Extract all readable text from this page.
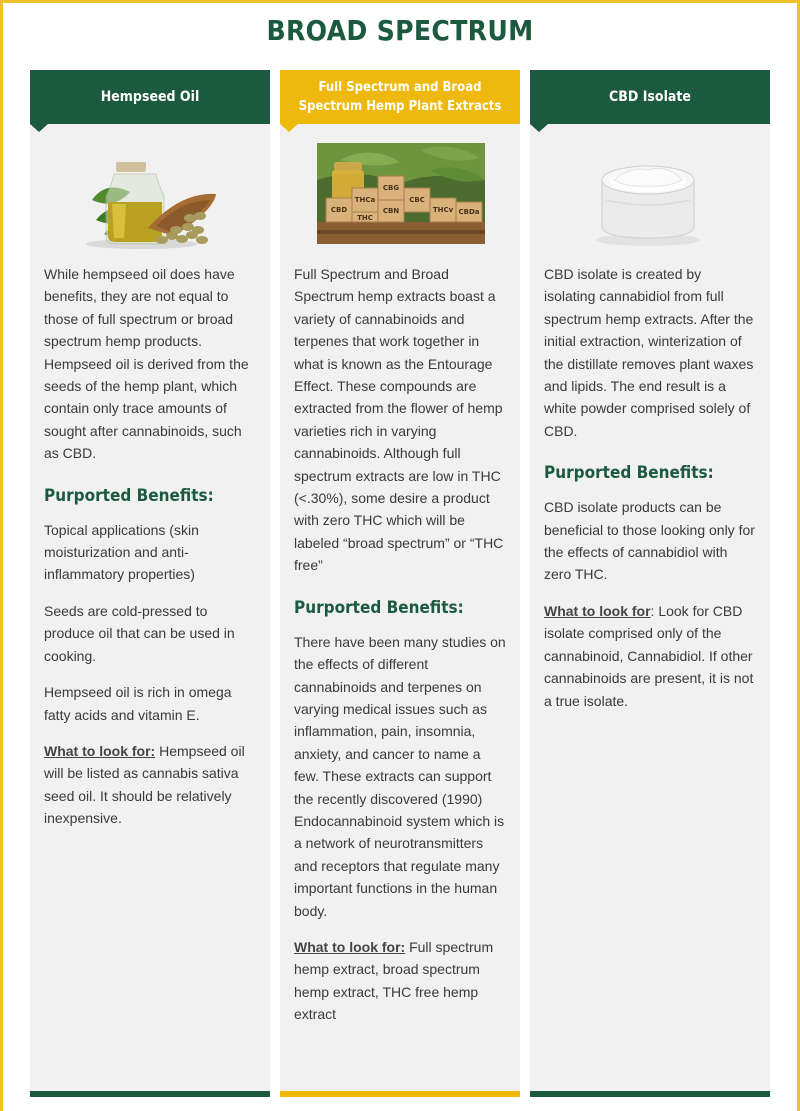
BROAD SPECTRUM
Hempseed Oil

While hempseed oil does have benefits, they are not equal to those of full spectrum or broad spectrum hemp products. Hempseed oil is derived from the seeds of the hemp plant, which contain only trace amounts of sought after cannabinoids, such as CBD.

Purported Benefits:

Topical applications (skin moisturization and anti-inflammatory properties)

Seeds are cold-pressed to produce oil that can be used in cooking.

Hempseed oil is rich in omega fatty acids and vitamin E.

What to look for: Hempseed oil will be listed as cannabis sativa seed oil. It should be relatively inexpensive.

Full Spectrum and Broad Spectrum Hemp Plant Extracts
CBD
THCa
CBG
CBC
CBN
THC
CBDa
THCv

Full Spectrum and Broad Spectrum hemp extracts boast a variety of cannabinoids and terpenes that work together in what is known as the Entourage Effect. These compounds are extracted from the flower of hemp varieties rich in varying cannabinoids. Although full spectrum extracts are low in THC (<.30%), some desire a product with zero THC which will be labeled “broad spectrum” or “THC free”

Purported Benefits:

There have been many studies on the effects of different cannabinoids and terpenes on varying medical issues such as inflammation, pain, insomnia, anxiety, and cancer to name a few. These extracts can support the recently discovered (1990) Endocannabinoid system which is a network of neurotransmitters and receptors that regulate many important functions in the human body.

What to look for: Full spectrum hemp extract, broad spectrum hemp extract, THC free hemp extract

CBD Isolate

CBD isolate is created by isolating cannabidiol from full spectrum hemp extracts. After the initial extraction, winterization of the distillate removes plant waxes and lipids. The end result is a white powder comprised solely of CBD.

Purported Benefits:

CBD isolate products can be beneficial to those looking only for the effects of cannabidiol with zero THC.

What to look for: Look for CBD isolate comprised only of the cannabinoid, Cannabidiol. If other cannabinoids are present, it is not a true isolate.
